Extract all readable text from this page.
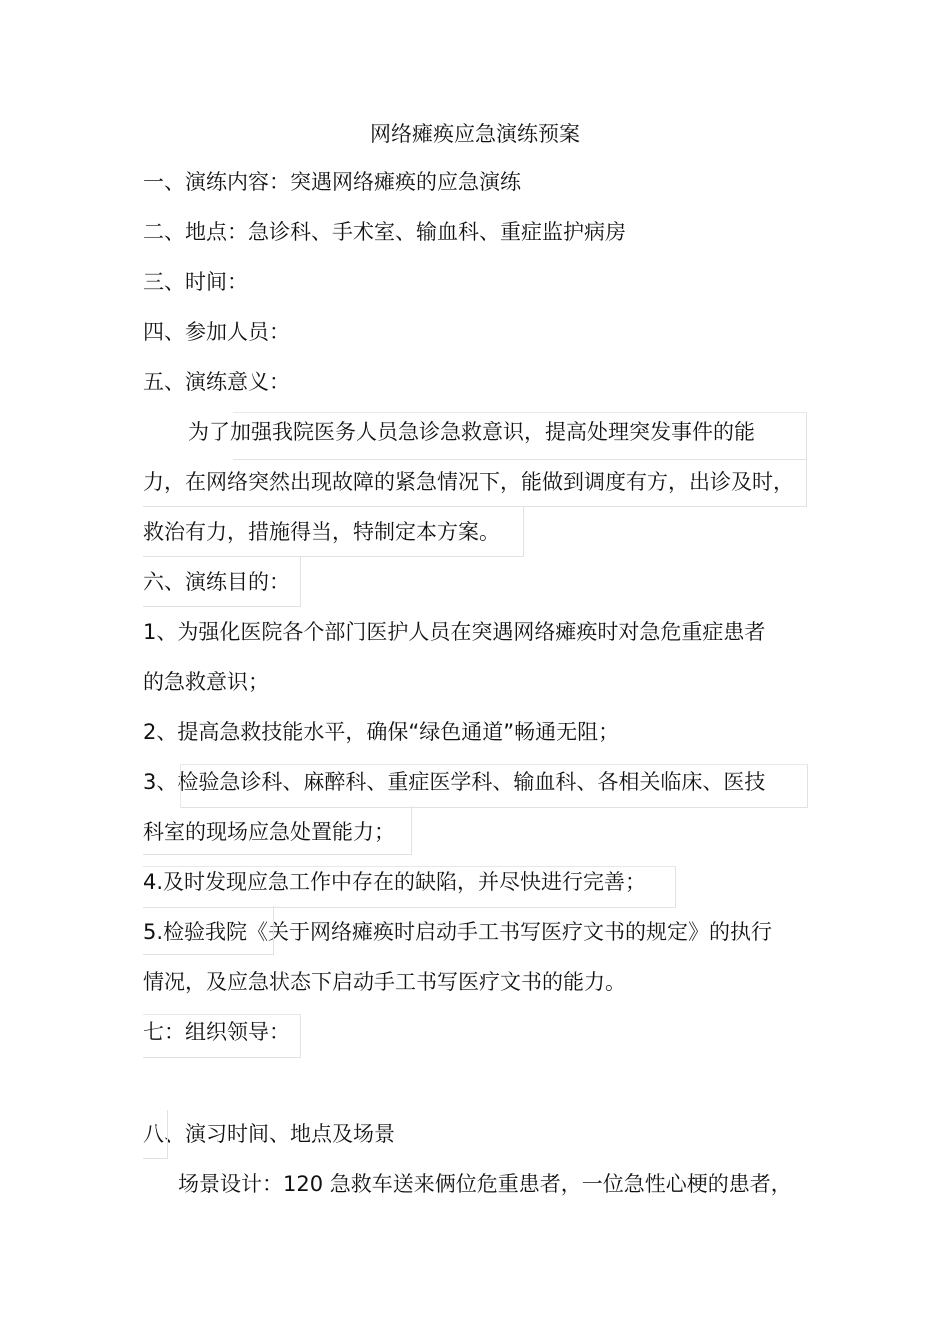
网络瘫痪应急演练预案
一、演练内容：突遇网络瘫痪的应急演练
二、地点：急诊科、手术室、输血科、重症监护病房
三、时间：
四、参加人员：
五、演练意义：
为了加强我院医务人员急诊急救意识，提高处理突发事件的能
力，在网络突然出现故障的紧急情况下，能做到调度有方，出诊及时，
救治有力，措施得当，特制定本方案。
六、演练目的：
1、为强化医院各个部门医护人员在突遇网络瘫痪时对急危重症患者
的急救意识；
2、提高急救技能水平，确保“绿色通道”畅通无阻；
3、检验急诊科、麻醉科、重症医学科、输血科、各相关临床、医技
科室的现场应急处置能力；
4.及时发现应急工作中存在的缺陷，并尽快进行完善；
5.检验我院《关于网络瘫痪时启动手工书写医疗文书的规定》的执行
情况，及应急状态下启动手工书写医疗文书的能力。
七：组织领导：
八、演习时间、地点及场景
场景设计：120 急救车送来俩位危重患者，一位急性心梗的患者，
